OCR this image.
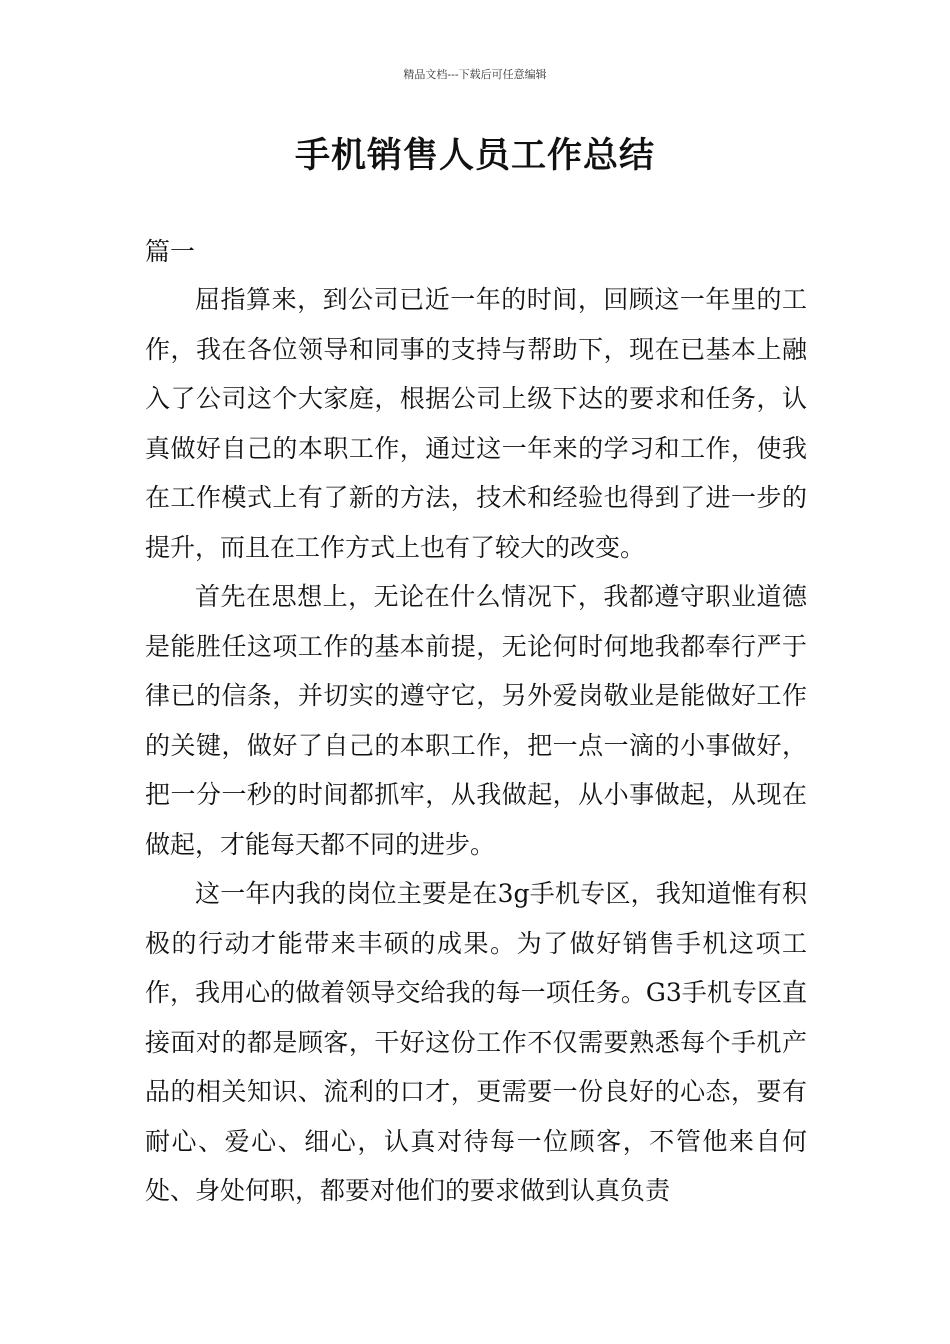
精品文档---下载后可任意编辑
手机销售人员工作总结
篇一

屈指算来，到公司已近一年的时间，回顾这一年里的工作，我在各位领导和同事的支持与帮助下，现在已基本上融入了公司这个大家庭，根据公司上级下达的要求和任务，认真做好自己的本职工作，通过这一年来的学习和工作，使我在工作模式上有了新的方法，技术和经验也得到了进一步的提升，而且在工作方式上也有了较大的改变。

首先在思想上，无论在什么情况下，我都遵守职业道德是能胜任这项工作的基本前提，无论何时何地我都奉行严于律已的信条，并切实的遵守它，另外爱岗敬业是能做好工作的关键，做好了自己的本职工作，把一点一滴的小事做好，把一分一秒的时间都抓牢，从我做起，从小事做起，从现在做起，才能每天都不同的进步。

这一年内我的岗位主要是在3g手机专区，我知道惟有积极的行动才能带来丰硕的成果。为了做好销售手机这项工作，我用心的做着领导交给我的每一项任务。G3手机专区直接面对的都是顾客，干好这份工作不仅需要熟悉每个手机产品的相关知识、流利的口才，更需要一份良好的心态，要有耐心、爱心、细心，认真对待每一位顾客，不管他来自何处、身处何职，都要对他们的要求做到认真负责
